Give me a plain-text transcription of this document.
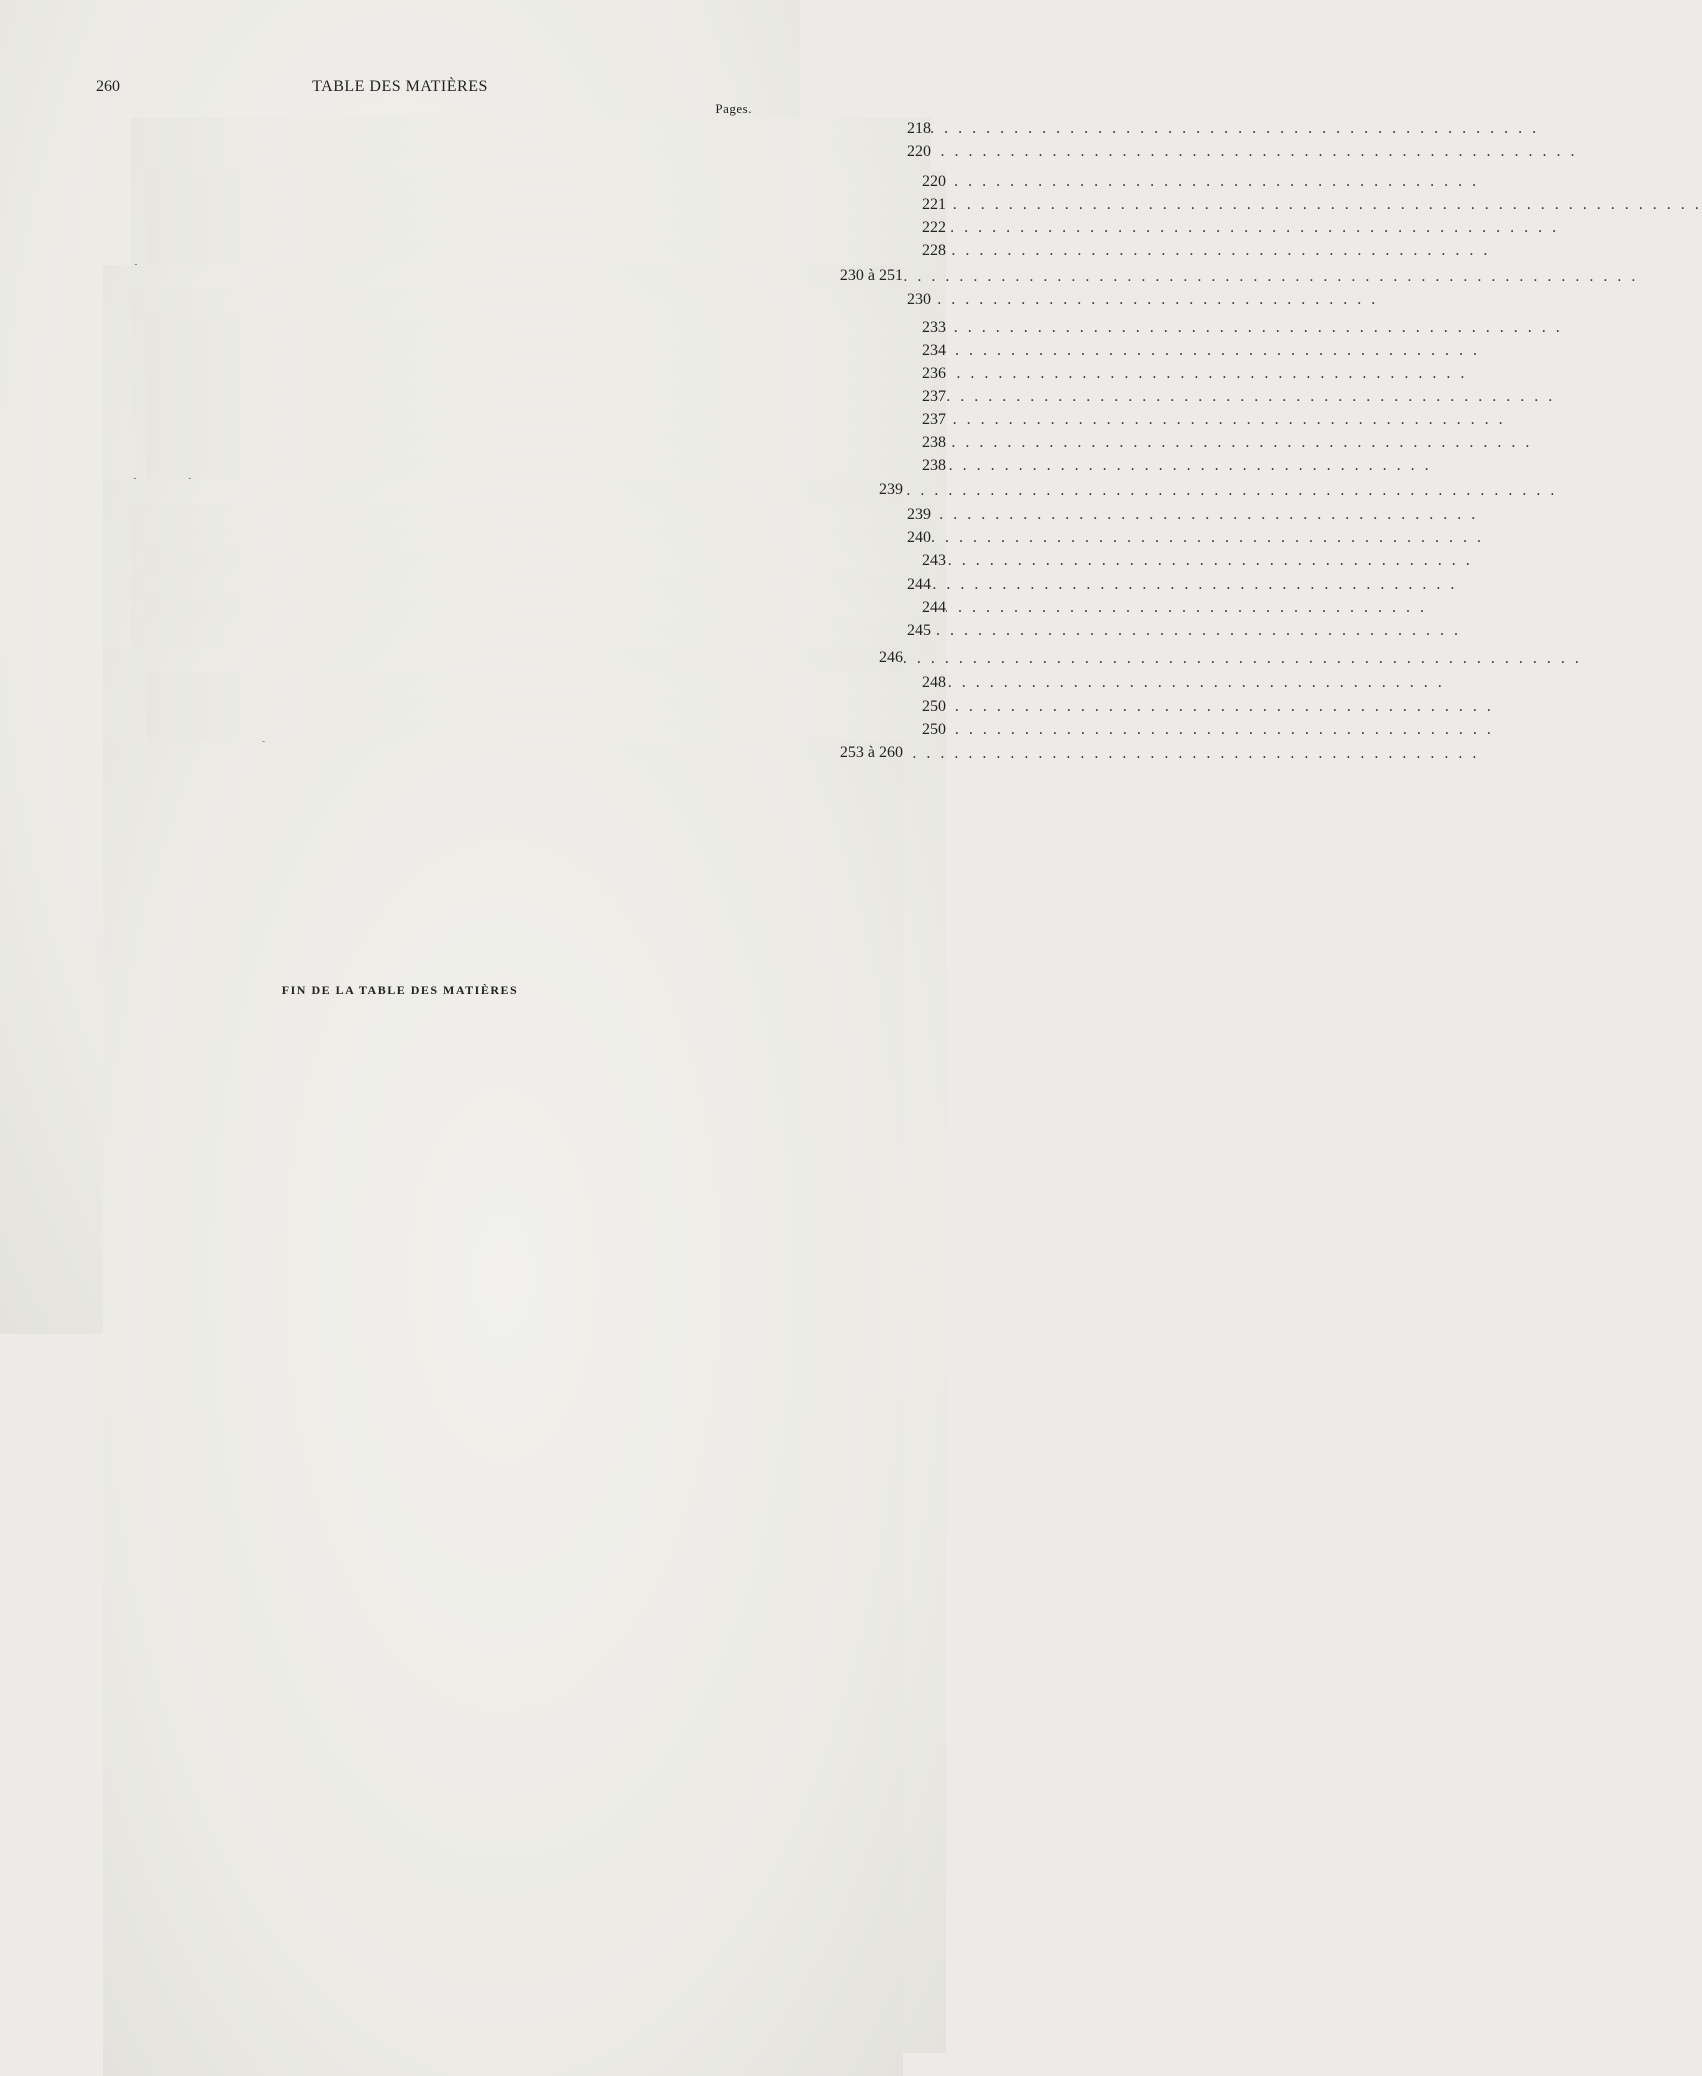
260	TABLE DES MATIÈRES
Pages.
. . .
218
. . .
220
. . .
220
. . .
221
. . .
222
. . .
228
. . .
230 à 251
. . .
230
. . .
233
. . .
234
. . .
236
. . .
237
. . .
237
. . .
238
. . .
238
. . .
239
. . .
239
. . .
240
. . .
243
. . .
244
. . .
244
. . .
245
. . .
246
. . .
248
. . .
250
. . .
250
. . .
253 à 260
FIN DE LA TABLE DES MATIÈRES
